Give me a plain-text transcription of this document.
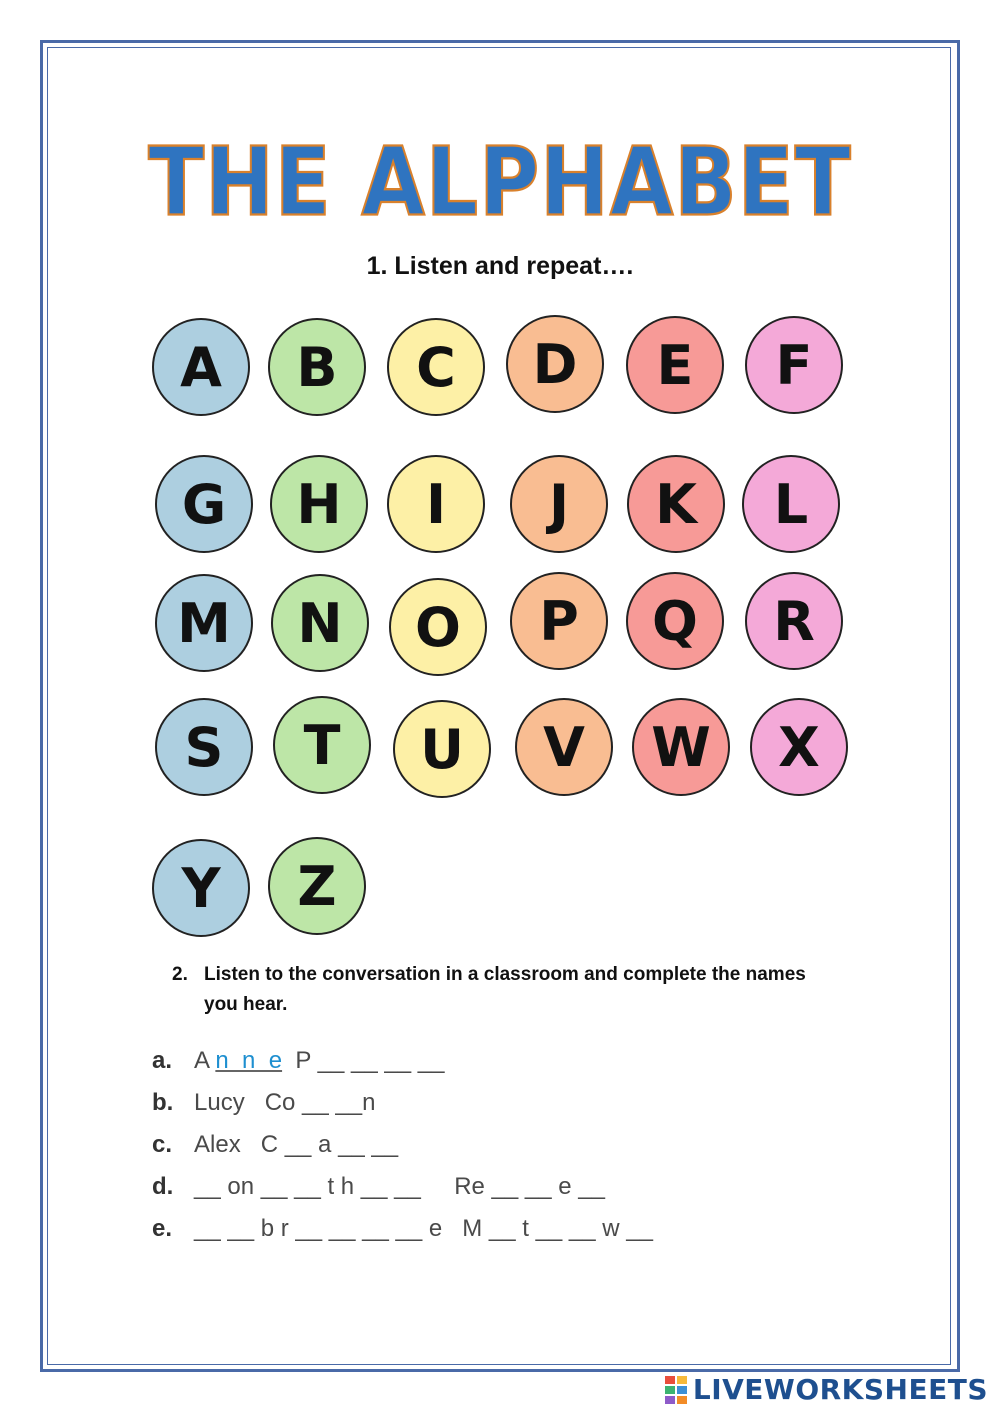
THE ALPHABET
1. Listen and repeat….
A	B	C	D	E	F
G	H	I	J	K	L
M	N	O	P	Q	R
S	T	U	V	W	X
Y	Z
2. Listen to the conversation in a classroom and complete the names
you hear.
a. A n  n  e  P __ __ __ __
b. Lucy   Co __ __n
c. Alex   C __ a __ __
d. __ on __ __ t h __ __     Re __ __ e __
e. __ __ b r __ __ __ __ e   M __ t __ __ w __
LIVEWORKSHEETS
